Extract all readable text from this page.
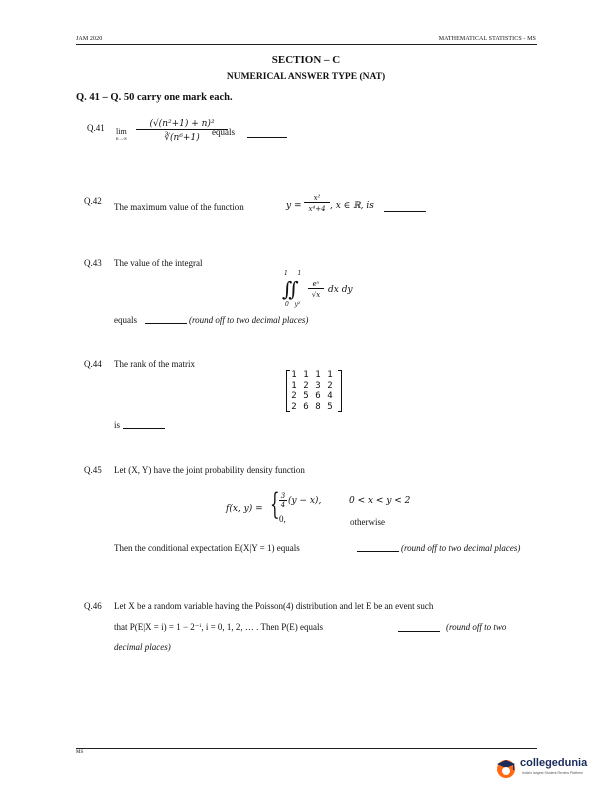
JAM 2020	MATHEMATICAL STATISTICS - MS
SECTION – C
NUMERICAL ANSWER TYPE (NAT)
Q. 41 – Q. 50 carry one mark each.
Q.41 lim
n→∞
(√(n²+1) + n)²
∛(n⁶+1)
equals
Q.42
The maximum value of the function	y =
x²
x⁴+4 , x ∈ ℝ, is
Q.43 The value of the integral
1   1
∫∫
0   y²
eˣ
√x dx dy
equals	(round off to two decimal places)
Q.44 The rank of the matrix
1 1 1 1
1 2 3 2
2 5 6 4
2 6 8 5
is
Q.45 Let (X, Y) have the joint probability density function
f(x, y) = { 3
4 (y − x),	0 < x < y < 2
0,	otherwise
Then the conditional expectation E(X|Y = 1) equals	(round off to two decimal places)
Q.46 Let X be a random variable having the Poisson(4) distribution and let E be an event such
that P(E|X = i) = 1 − 2⁻ⁱ, i = 0, 1, 2, … . Then P(E) equals	(round off to two
decimal places)
MS
collegedunia
India's largest Student Review Platform
